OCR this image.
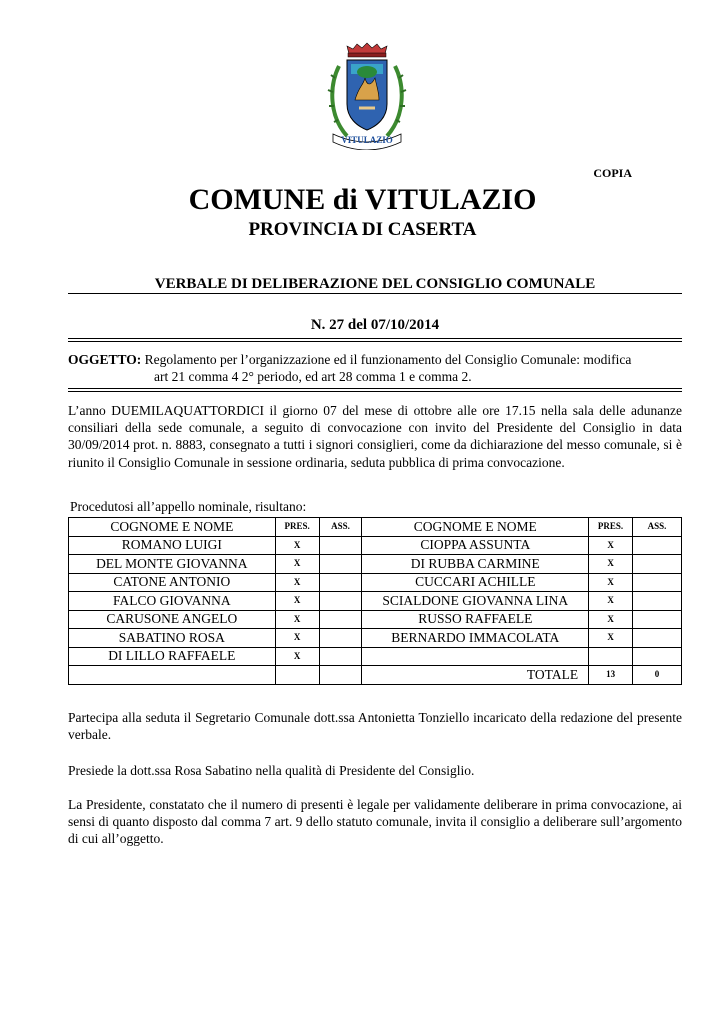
VITULAZIO
COPIA
COMUNE di VITULAZIO
PROVINCIA DI CASERTA
VERBALE DI DELIBERAZIONE DEL CONSIGLIO COMUNALE
N. 27 del 07/10/2014
OGGETTO: Regolamento per l’organizzazione ed il funzionamento del Consiglio Comunale: modifica
art 21 comma 4 2° periodo, ed art 28 comma 1 e comma 2.

L’anno DUEMILAQUATTORDICI il giorno 07 del mese di ottobre alle ore 17.15 nella sala delle adunanze consiliari della sede comunale, a seguito di convocazione con invito del Presidente del Consiglio in data 30/09/2014 prot. n. 8883, consegnato a tutti i signori consiglieri, come da dichiarazione del messo comunale, si è riunito il Consiglio Comunale in sessione ordinaria, seduta pubblica di prima convocazione.

Procedutosi all’appello nominale, risultano:
COGNOME E NOME	PRES.	ASS.	COGNOME E NOME	PRES.	ASS.
ROMANO LUIGI	X		CIOPPA ASSUNTA	X	
DEL MONTE GIOVANNA	X		DI RUBBA CARMINE	X	
CATONE ANTONIO	X		CUCCARI ACHILLE	X	
FALCO GIOVANNA	X		SCIALDONE GIOVANNA LINA	X	
CARUSONE ANGELO	X		RUSSO RAFFAELE	X	
SABATINO ROSA	X		BERNARDO IMMACOLATA	X	
DI LILLO RAFFAELE	X				
			TOTALE	13	0

Partecipa alla seduta il Segretario Comunale dott.ssa Antonietta Tonziello incaricato della redazione del presente verbale.

Presiede la dott.ssa Rosa Sabatino nella qualità di Presidente del Consiglio.

La Presidente, constatato che il numero di presenti è legale per validamente deliberare in prima convocazione, ai sensi di quanto disposto dal comma 7 art. 9 dello statuto comunale, invita il consiglio a deliberare sull’argomento di cui all’oggetto.
